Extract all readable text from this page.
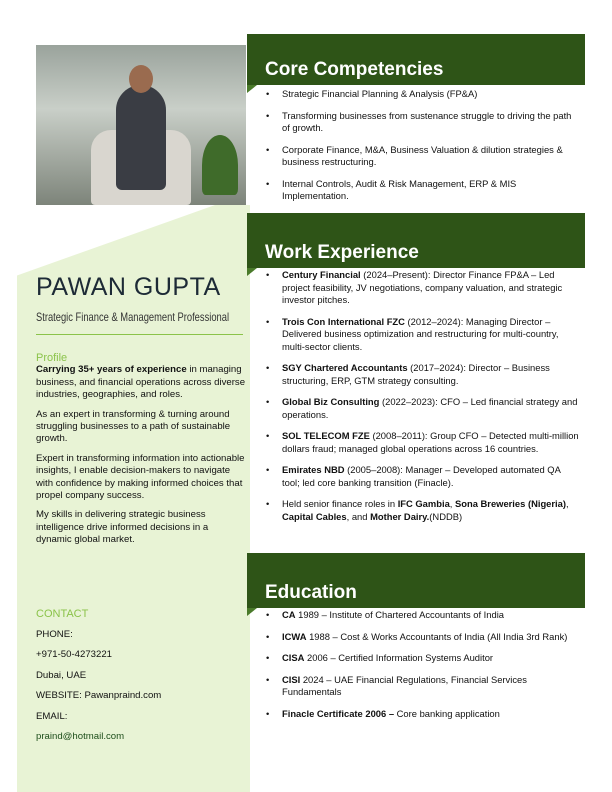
PAWAN GUPTA
Strategic Finance & Management Professional
Profile

Carrying 35+ years of experience in managing business, and financial operations across diverse industries, geographies, and roles.

As an expert in transforming & turning around struggling businesses to a path of sustainable growth.

Expert in transforming information into actionable insights, I enable decision-makers to navigate with confidence by making informed choices that propel company success.

My skills in delivering strategic business intelligence drive informed decisions in a dynamic global market.

CONTACT
PHONE:
+971-50-4273221
Dubai, UAE
WEBSITE: Pawanpraind.com
EMAIL:
praind@hotmail.com
Core Competencies
• Strategic Financial Planning & Analysis (FP&A)
• Transforming businesses from sustenance struggle to driving the path of growth.
• Corporate Finance, M&A, Business Valuation & dilution strategies & business restructuring.
• Internal Controls, Audit & Risk Management, ERP & MIS Implementation.
Work Experience
• Century Financial (2024–Present): Director Finance FP&A – Led project feasibility, JV negotiations, company valuation, and strategic investor pitches.
• Trois Con International FZC (2012–2024): Managing Director – Delivered business optimization and restructuring for multi-country, multi-sector clients.
• SGY Chartered Accountants (2017–2024): Director – Business structuring, ERP, GTM strategy consulting.
• Global Biz Consulting (2022–2023): CFO – Led financial strategy and operations.
• SOL TELECOM FZE (2008–2011): Group CFO – Detected multi-million dollars fraud; managed global operations across 16 countries.
• Emirates NBD (2005–2008): Manager – Developed automated QA tool; led core banking transition (Finacle).
• Held senior finance roles in IFC Gambia, Sona Breweries (Nigeria), Capital Cables, and Mother Dairy.(NDDB)
Education
• CA 1989 – Institute of Chartered Accountants of India
• ICWA 1988 – Cost & Works Accountants of India (All India 3rd Rank)
• CISA 2006 – Certified Information Systems Auditor
• CISI 2024 – UAE Financial Regulations, Financial Services Fundamentals
• Finacle Certificate 2006 – Core banking application
